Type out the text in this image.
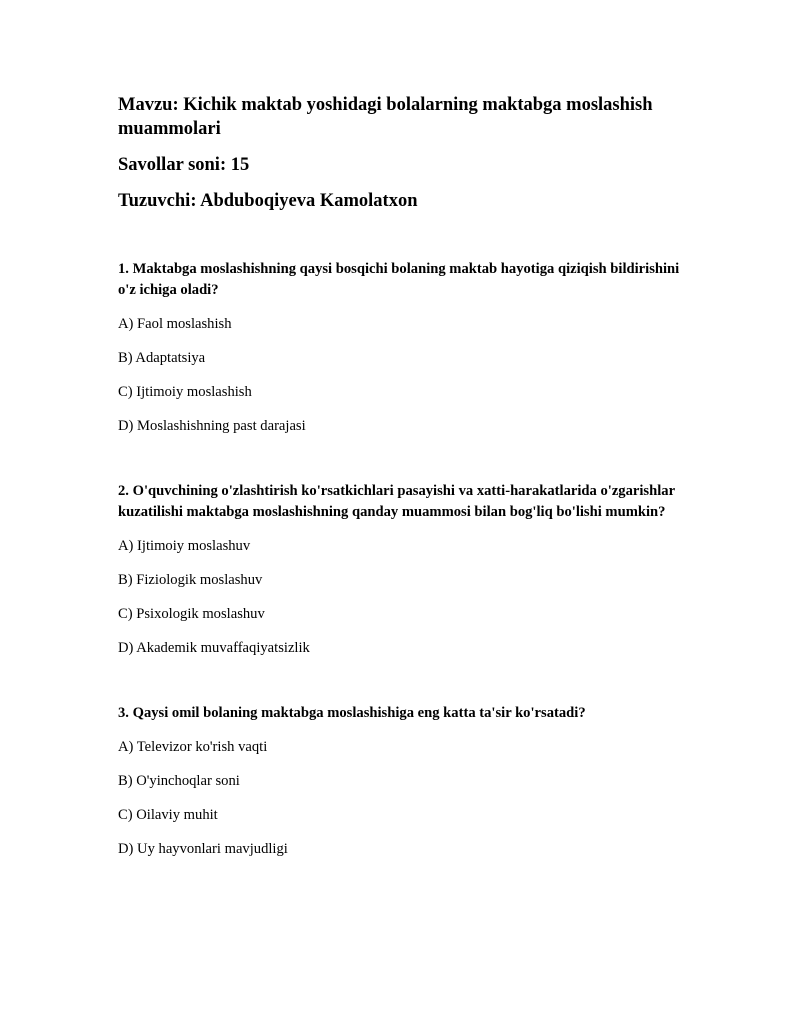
Mavzu: Kichik maktab yoshidagi bolalarning maktabga moslashish muammolari

Savollar soni: 15

Tuzuvchi: Abduboqiyeva Kamolatxon

1. Maktabga moslashishning qaysi bosqichi bolaning maktab hayotiga qiziqish bildirishini o'z ichiga oladi?

A) Faol moslashish
B) Adaptatsiya
C) Ijtimoiy moslashish
D) Moslashishning past darajasi

2. O'quvchining o'zlashtirish ko'rsatkichlari pasayishi va xatti-harakatlarida o'zgarishlar kuzatilishi maktabga moslashishning qanday muammosi bilan bog'liq bo'lishi mumkin?

A) Ijtimoiy moslashuv
B) Fiziologik moslashuv
C) Psixologik moslashuv
D) Akademik muvaffaqiyatsizlik

3. Qaysi omil bolaning maktabga moslashishiga eng katta ta'sir ko'rsatadi?

A) Televizor ko'rish vaqti
B) O'yinchoqlar soni
C) Oilaviy muhit
D) Uy hayvonlari mavjudligi
